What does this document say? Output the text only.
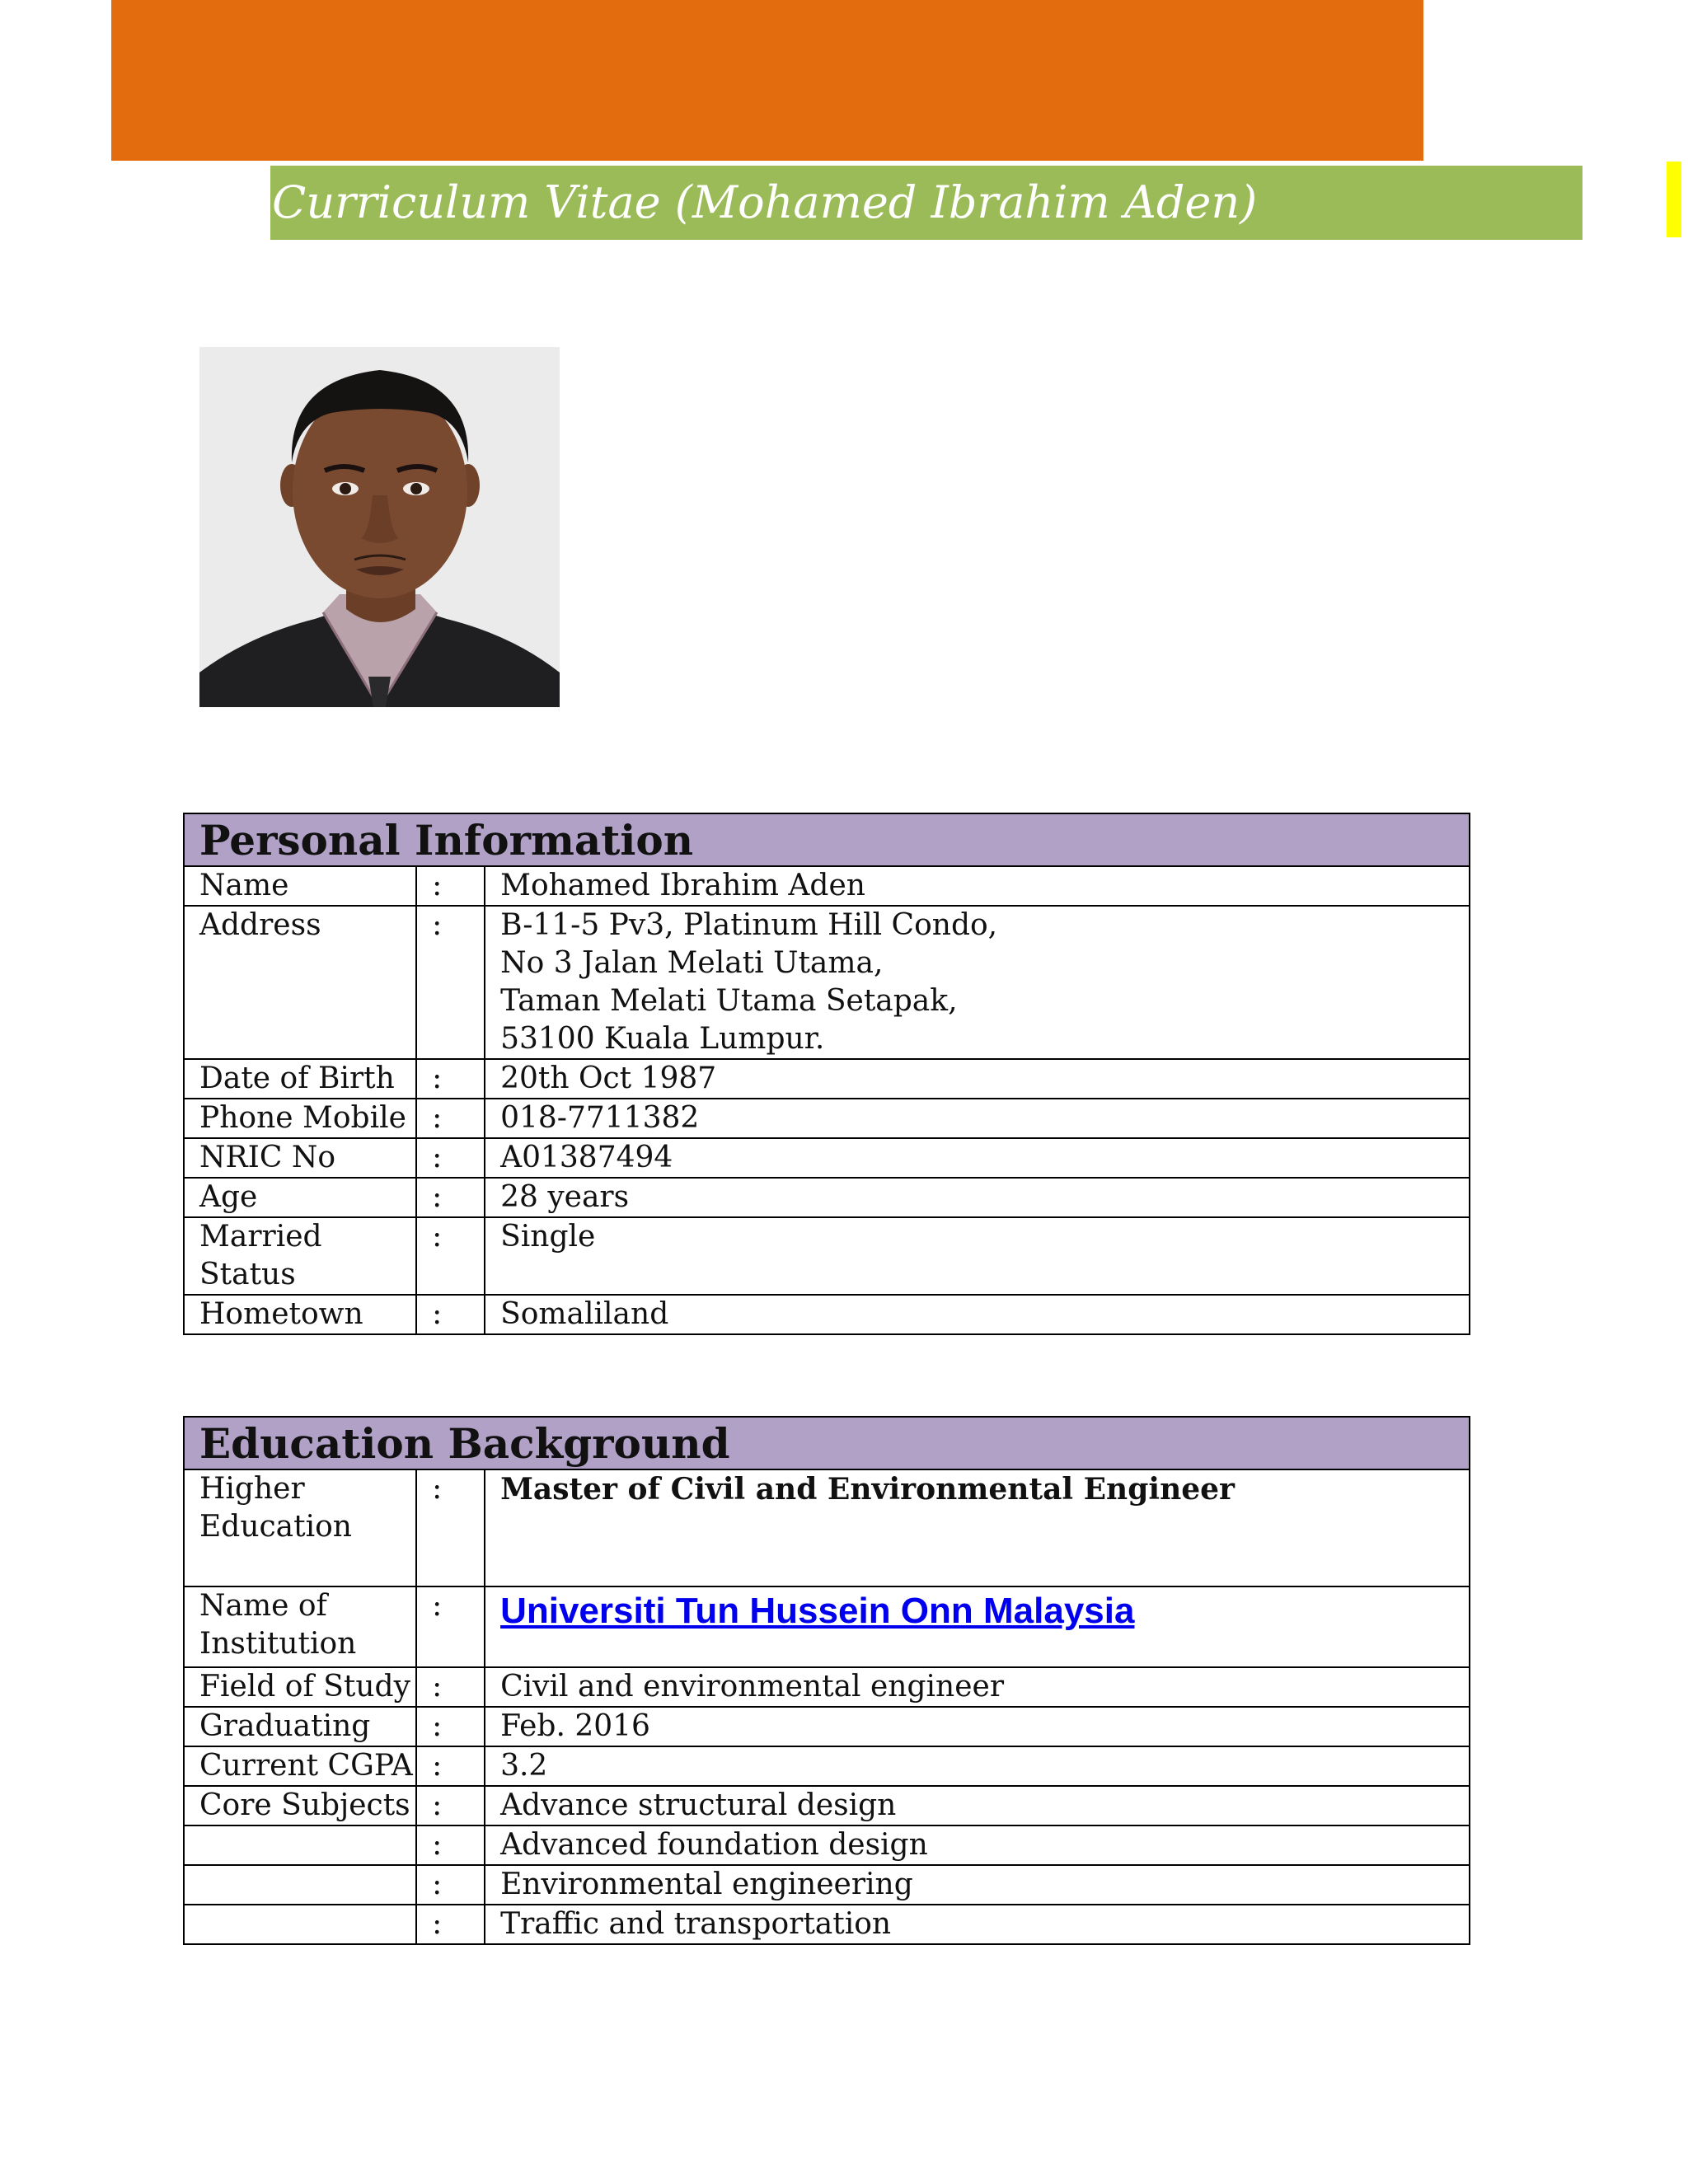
Curriculum Vitae (Mohamed Ibrahim Aden)
Personal Information		
Name	:	Mohamed Ibrahim Aden
Address	:	B-11-5 Pv3, Platinum Hill Condo,
No 3 Jalan Melati Utama,
Taman Melati Utama Setapak,
53100 Kuala Lumpur.

Date of Birth	:	20th Oct 1987
Phone Mobile	:	018-7711382
NRIC No	:	A01387494
Age	:	28 years
Married Status	:	Single
Hometown	:	Somaliland
Education Background		
Higher Education	:	Master of Civil and Environmental Engineer
Name of Institution	:	Universiti Tun Hussein Onn Malaysia
Field of Study	:	Civil and environmental engineer
Graduating	:	Feb. 2016
Current CGPA	:	3.2
Core Subjects	:	Advance structural design
	:	Advanced foundation design
	:	Environmental engineering
	:	Traffic and transportation
